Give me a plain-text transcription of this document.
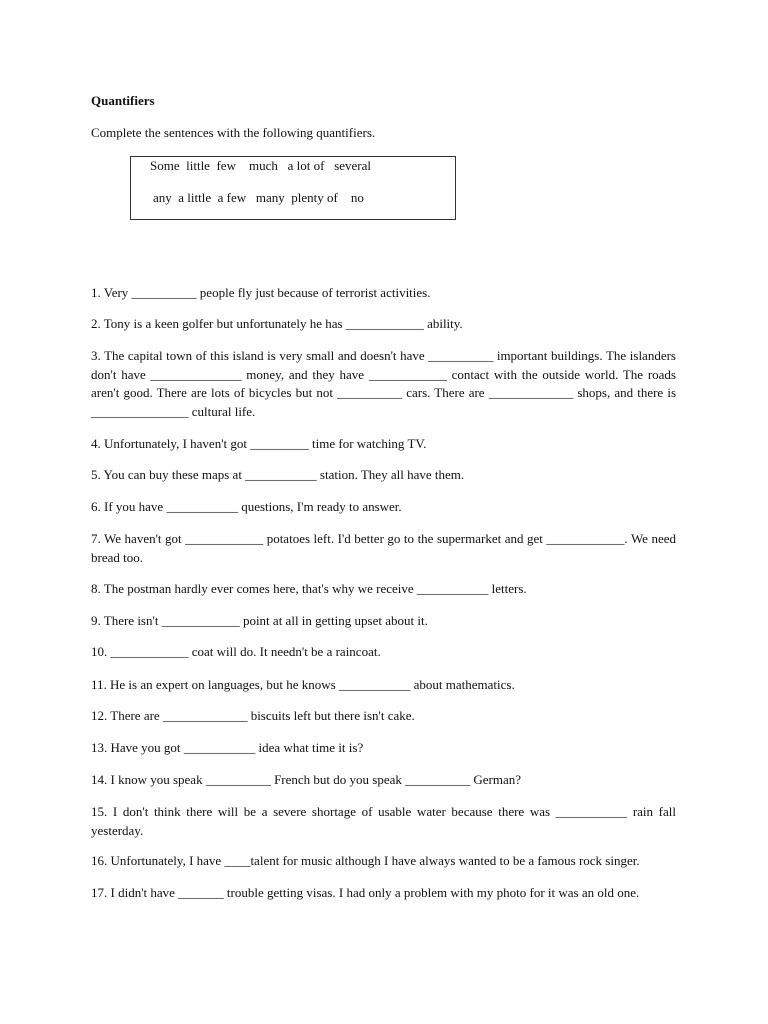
Quantifiers
Complete the sentences with the following quantifiers.
Some little few much a lot of several
any a little a few many plenty of no
1. Very __________ people fly just because of terrorist activities.
2. Tony is a keen golfer but unfortunately he has ____________ ability.
3. The capital town of this island is very small and doesn't have __________ important buildings. The islanders don't have ______________ money, and they have ____________ contact with the outside world. The roads aren't good. There are lots of bicycles but not __________ cars. There are _____________ shops, and there is _______________ cultural life.
4. Unfortunately, I haven't got _________ time for watching TV.
5. You can buy these maps at ___________ station. They all have them.
6. If you have ___________ questions, I'm ready to answer.
7. We haven't got ____________ potatoes left. I'd better go to the supermarket and get ____________. We need bread too.
8. The postman hardly ever comes here, that's why we receive ___________ letters.
9. There isn't ____________ point at all in getting upset about it.
10. ____________ coat will do. It needn't be a raincoat.
11. He is an expert on languages, but he knows ___________ about mathematics.
12. There are _____________ biscuits left but there isn't cake.
13. Have you got ___________ idea what time it is?
14. I know you speak __________ French but do you speak __________ German?
15. I don't think there will be a severe shortage of usable water because there was ___________ rain fall yesterday.
16. Unfortunately, I have ____talent for music although I have always wanted to be a famous rock singer.
17. I didn't have _______ trouble getting visas. I had only a problem with my photo for it was an old one.
